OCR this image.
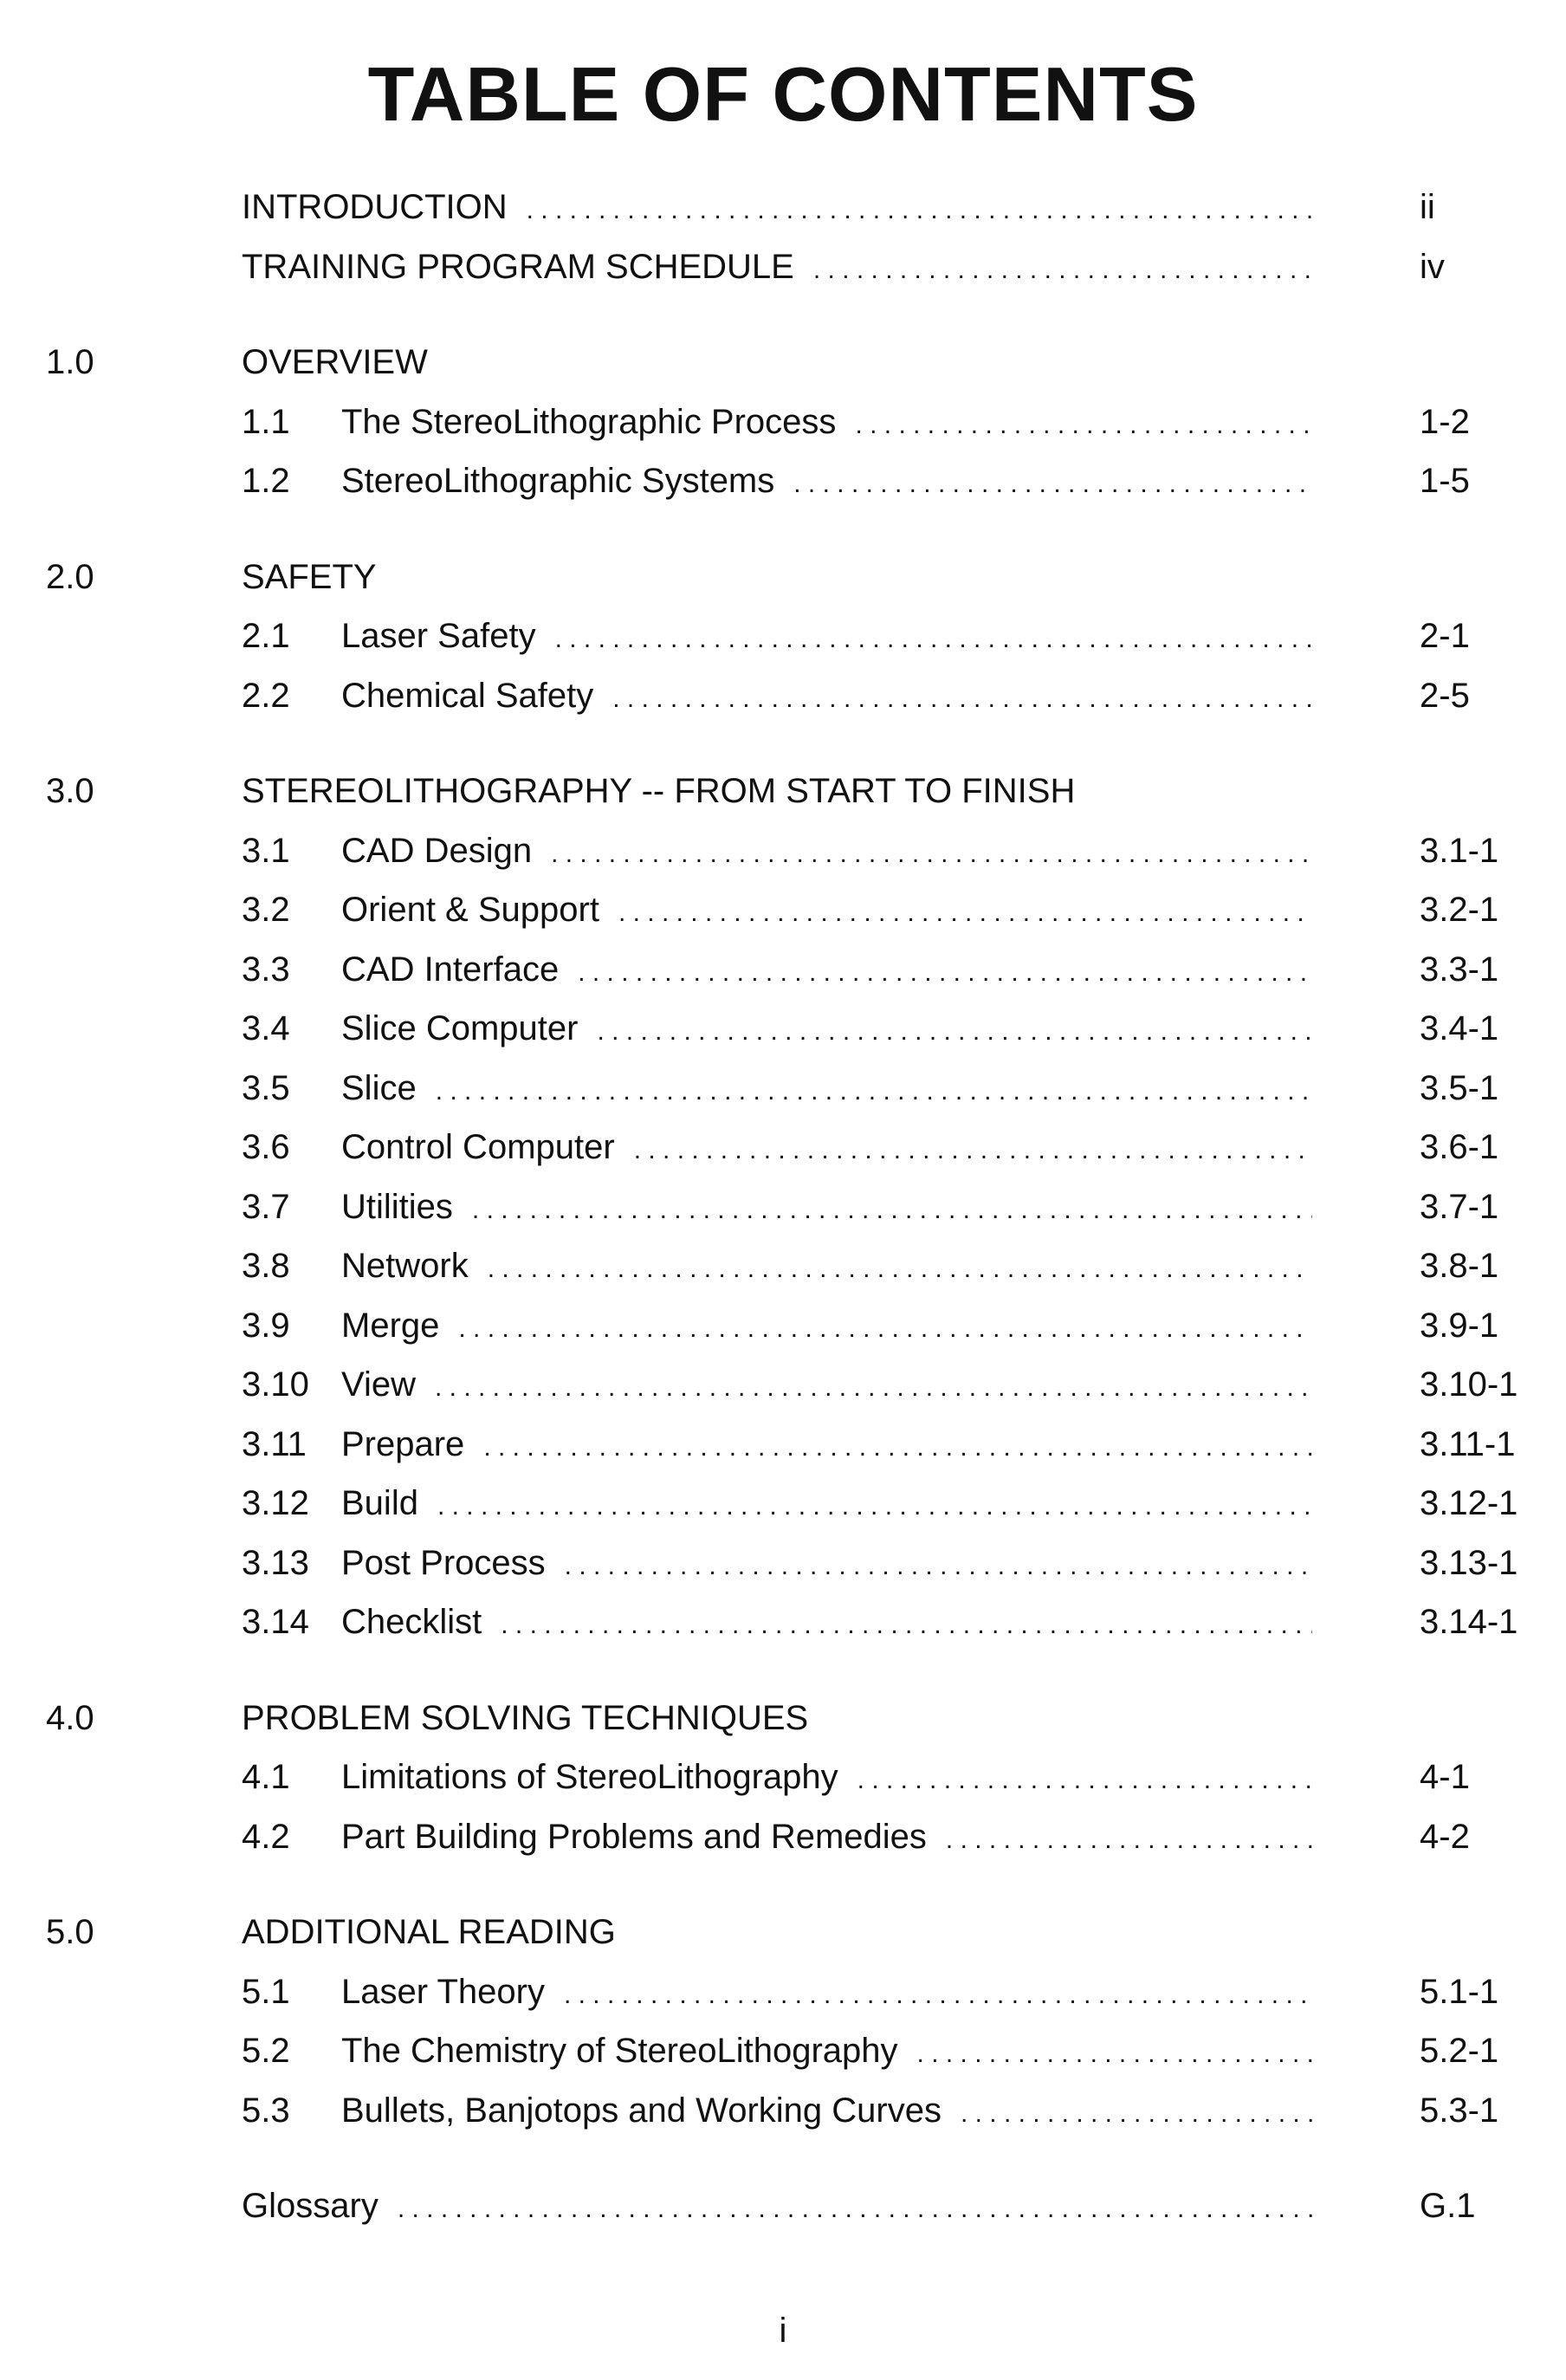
TABLE OF CONTENTS
INTRODUCTION
. . .	ii
TRAINING PROGRAM SCHEDULE
. . .	iv
1.0	OVERVIEW
1.1 The StereoLithographic Process
. . .	1-2
1.2 StereoLithographic Systems
. . .	1-5
2.0	SAFETY
2.1 Laser Safety
. . .	2-1
2.2 Chemical Safety
. . .	2-5
3.0	STEREOLITHOGRAPHY -- FROM START TO FINISH
3.1 CAD Design
. . .	3.1-1
3.2 Orient & Support
. . .	3.2-1
3.3 CAD Interface
. . .	3.3-1
3.4 Slice Computer
. . .	3.4-1
3.5 Slice
. . .	3.5-1
3.6 Control Computer
. . .	3.6-1
3.7 Utilities
. . .	3.7-1
3.8 Network
. . .	3.8-1
3.9 Merge
. . .	3.9-1
3.10 View
. . .	3.10-1
3.11 Prepare
. . .	3.11-1
3.12 Build
. . .	3.12-1
3.13 Post Process
. . .	3.13-1
3.14 Checklist
. . .	3.14-1
4.0	PROBLEM SOLVING TECHNIQUES
4.1 Limitations of StereoLithography
. . .	4-1
4.2 Part Building Problems and Remedies
. . .	4-2
5.0	ADDITIONAL READING
5.1 Laser Theory
. . .	5.1-1
5.2 The Chemistry of StereoLithography
. . .	5.2-1
5.3 Bullets, Banjotops and Working Curves
. . .	5.3-1
Glossary
. . .	G.1
i
